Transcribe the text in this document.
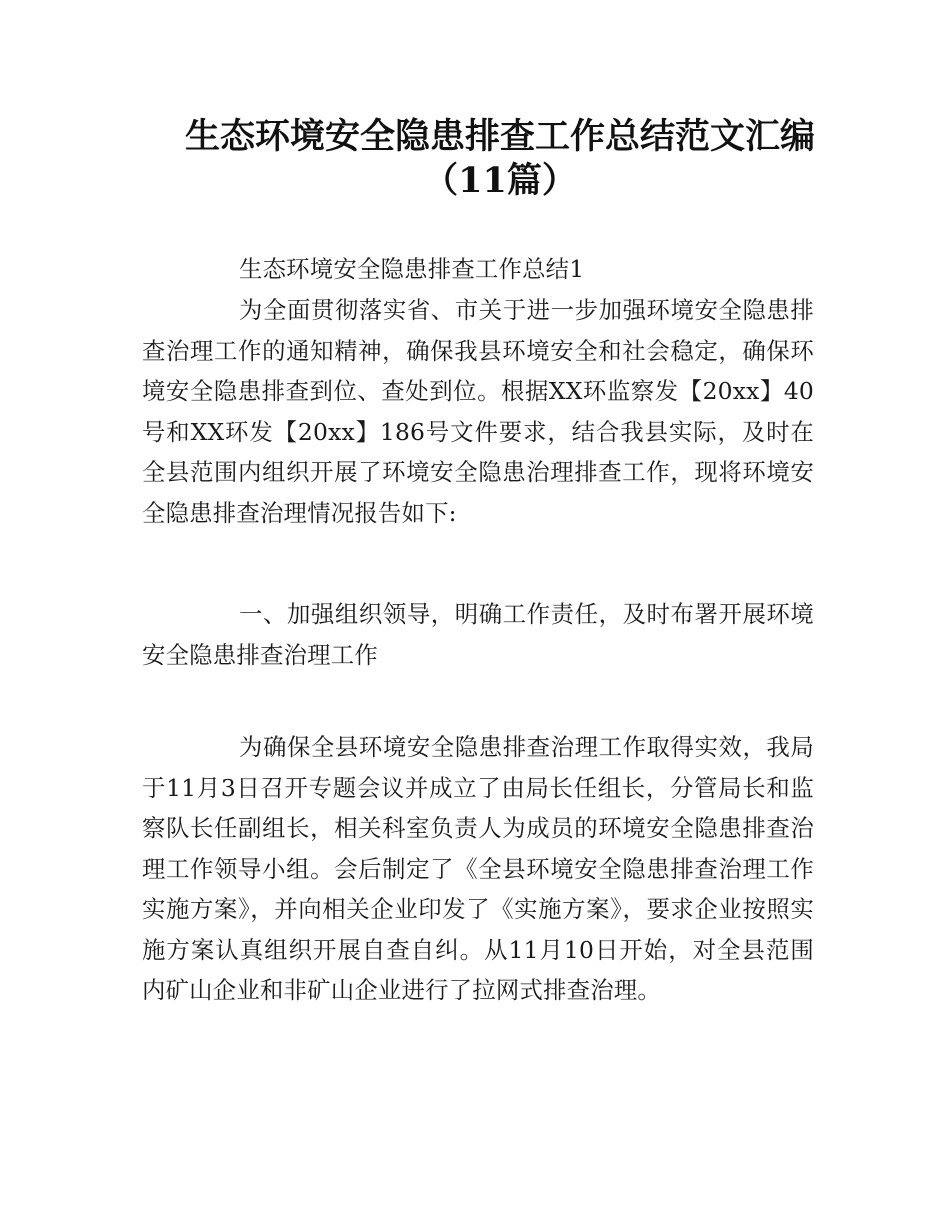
生态环境安全隐患排查工作总结范文汇编
（11篇）

生态环境安全隐患排查工作总结1

为全面贯彻落实省、市关于进一步加强环境安全隐患排查治理工作的通知精神，确保我县环境安全和社会稳定，确保环境安全隐患排查到位、查处到位。根据XX环监察发【20xx】40号和XX环发【20xx】186号文件要求，结合我县实际，及时在全县范围内组织开展了环境安全隐患治理排查工作，现将环境安全隐患排查治理情况报告如下:

一、加强组织领导，明确工作责任，及时布署开展环境安全隐患排查治理工作

为确保全县环境安全隐患排查治理工作取得实效，我局于11月3日召开专题会议并成立了由局长任组长，分管局长和监察队长任副组长，相关科室负责人为成员的环境安全隐患排查治理工作领导小组。会后制定了《全县环境安全隐患排查治理工作实施方案》，并向相关企业印发了《实施方案》，要求企业按照实施方案认真组织开展自查自纠。从11月10日开始，对全县范围内矿山企业和非矿山企业进行了拉网式排查治理。
